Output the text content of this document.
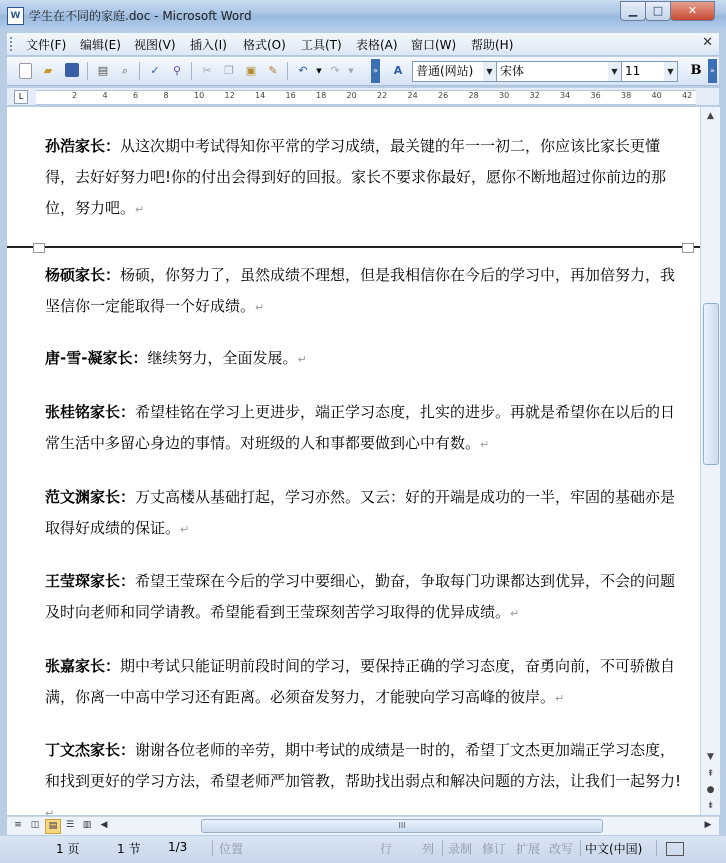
W 学生在不同的家庭.doc - Microsoft Word	▁	□	✕
文件(F) 编辑(E) 视图(V) 插入(I) 格式(O) 工具(T) 表格(A) 窗口(W) 帮助(H)	✕
▰	▤	⌕	✓	⚲	✂	❐ ▣	✎	↶	▼ ↷	▼	»	A	普通(网站)	▼ 宋体	▼ 11	▼ B	»
L	2	4	6	8	10	12	14	16	18	20	22	24	26	28	30	32	34	36	38	40	42
孙浩家长：从这次期中考试得知你平常的学习成绩，最关键的年一一初二，你应该比家长更懂得，去好好努力吧!你的付出会得到好的回报。家长不要求你最好，愿你不断地超过你前边的那位，努力吧。↵
杨硕家长：杨硕，你努力了，虽然成绩不理想，但是我相信你在今后的学习中，再加倍努力，我坚信你一定能取得一个好成绩。↵
唐-雪-凝家长：继续努力，全面发展。↵
张桂铭家长：希望桂铭在学习上更进步，端正学习态度，扎实的进步。再就是希望你在以后的日常生活中多留心身边的事情。对班级的人和事都要做到心中有数。↵
范文渊家长：万丈高楼从基础打起，学习亦然。又云：好的开端是成功的一半，牢固的基础亦是取得好成绩的保证。↵
王莹琛家长：希望王莹琛在今后的学习中要细心，勤奋，争取每门功课都达到优异，不会的问题及时向老师和同学请教。希望能看到王莹琛刻苦学习取得的优异成绩。↵
张嘉家长：期中考试只能证明前段时间的学习，要保持正确的学习态度，奋勇向前，不可骄傲自满，你离一中高中学习还有距离。必须奋发努力，才能驶向学习高峰的彼岸。↵
丁文杰家长：谢谢各位老师的辛劳，期中考试的成绩是一时的，希望丁文杰更加端正学习态度，和找到更好的学习方法，希望老师严加管教，帮助找出弱点和解决问题的方法，让我们一起努力!↵
▲
▼
⇞
●
⇟
≡ ◫	▤ ☰ ▥	◀	III	▶
1 页	1 节 1/3	位置	行 列 录制 修订 扩展 改写 中文(中国)
